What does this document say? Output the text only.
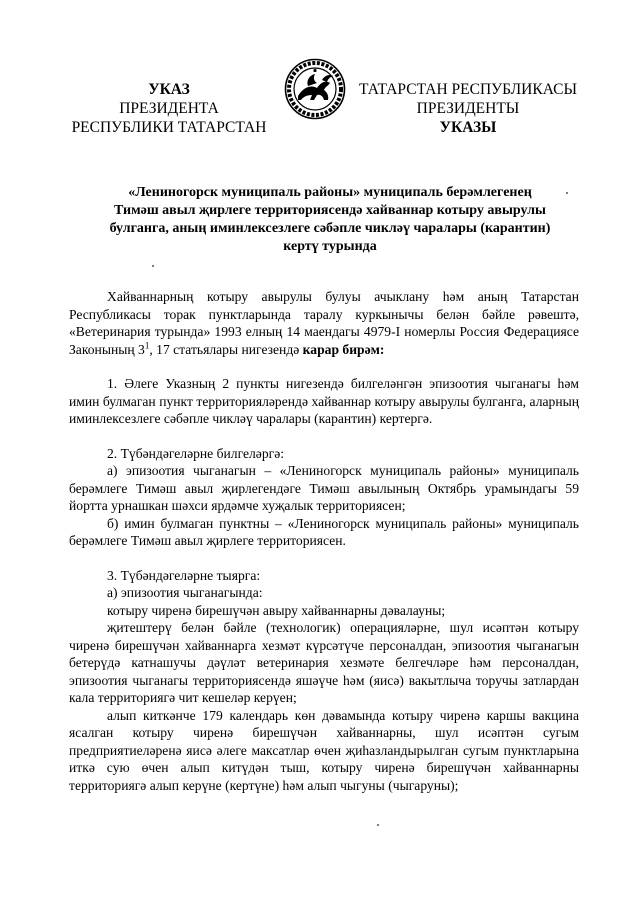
УКАЗ
ПРЕЗИДЕНТА
РЕСПУБЛИКИ ТАТАРСТАН
ТАТАРСТАН РЕСПУБЛИКАСЫ
ПРЕЗИДЕНТЫ
УКАЗЫ
«Лениногорск муниципаль районы» муниципаль берәмлегенең
Тимәш авыл җирлеге территориясендә хайваннар котыру авырулы
булганга, аның иминлексезлеге сәбәпле чикләү чаралары (карантин)
кертү турында

Хайваннарның котыру авырулы булуы ачыклану һәм аның Татарстан Республикасы торак пунктларында таралу куркынычы белән бәйле рәвештә, «Ветеринария турында» 1993 елның 14 маендагы 4979-I номерлы Россия Федерациясе Законының $3^1$, 17 статьялары нигезендә карар бирәм:

1. Әлеге Указның 2 пункты нигезендә билгеләнгән эпизоотия чыганагы һәм имин булмаган пункт территорияләрендә хайваннар котыру авырулы булганга, аларның иминлексезлеге сәбәпле чикләү чаралары (карантин) кертергә.

2. Түбәндәгеләрне билгеләргә:

а) эпизоотия чыганагын – «Лениногорск муниципаль районы» муниципаль берәмлеге Тимәш авыл җирлегендәге Тимәш авылының Октябрь урамындагы 59 йортта урнашкан шәхси ярдәмче хуҗалык территориясен;

б) имин булмаган пунктны – «Лениногорск муниципаль районы» муниципаль берәмлеге Тимәш авыл җирлеге территориясен.

3. Түбәндәгеләрне тыярга:

а) эпизоотия чыганагында:

котыру чиренә бирешүчән авыру хайваннарны дәвалауны;

җитештерү белән бәйле (технологик) операцияләрне, шул исәптән котыру чиренә бирешүчән хайваннарга хезмәт күрсәтүче персоналдан, эпизоотия чыганагын бетерүдә катнашучы дәүләт ветеринария хезмәте белгечләре һәм персоналдан, эпизоотия чыганагы территориясендә яшәүче һәм (яисә) вакытлыча торучы затлардан кала территориягә чит кешеләр керүен;

алып киткәнче 179 календарь көн дәвамында котыру чиренә каршы вакцина ясалган котыру чиренә бирешүчән хайваннарны, шул исәптән сугым предприятиеләренә яисә әлеге максатлар өчен җиһазландырылган сугым пунктларына иткә сую өчен алып китүдән тыш, котыру чиренә бирешүчән хайваннарны территориягә алып керүне (кертүне) һәм алып чыгуны (чыгаруны);
